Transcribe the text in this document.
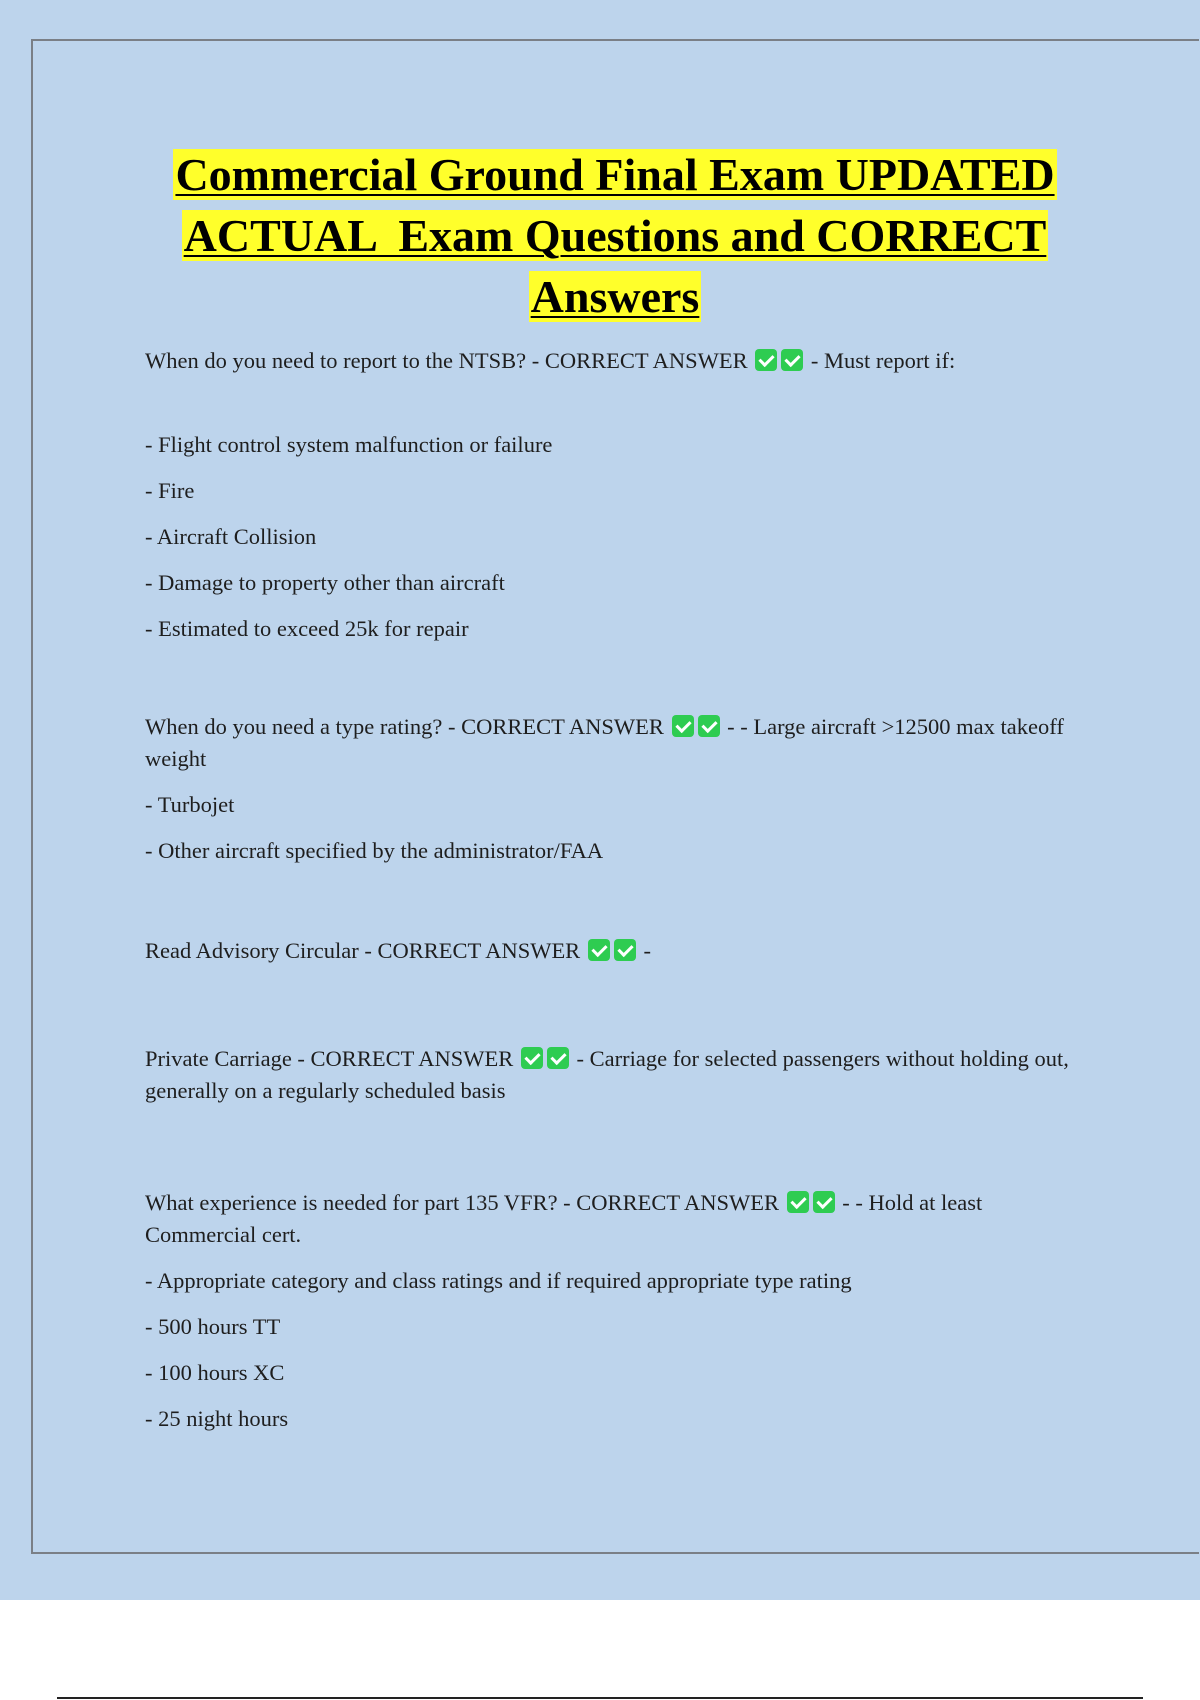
Commercial Ground Final Exam UPDATED
ACTUAL  Exam Questions and CORRECT
Answers

When do you need to report to the NTSB? - CORRECT ANSWER	- Must report if:

- Flight control system malfunction or failure
- Fire
- Aircraft Collision
- Damage to property other than aircraft
- Estimated to exceed 25k for repair

When do you need a type rating? - CORRECT ANSWER	- - Large aircraft >12500 max takeoff weight

- Turbojet
- Other aircraft specified by the administrator/FAA

Read Advisory Circular - CORRECT ANSWER	-

Private Carriage - CORRECT ANSWER	- Carriage for selected passengers without holding out, generally on a regularly scheduled basis

What experience is needed for part 135 VFR? - CORRECT ANSWER	- - Hold at least Commercial cert.

- Appropriate category and class ratings and if required appropriate type rating
- 500 hours TT
- 100 hours XC
- 25 night hours
